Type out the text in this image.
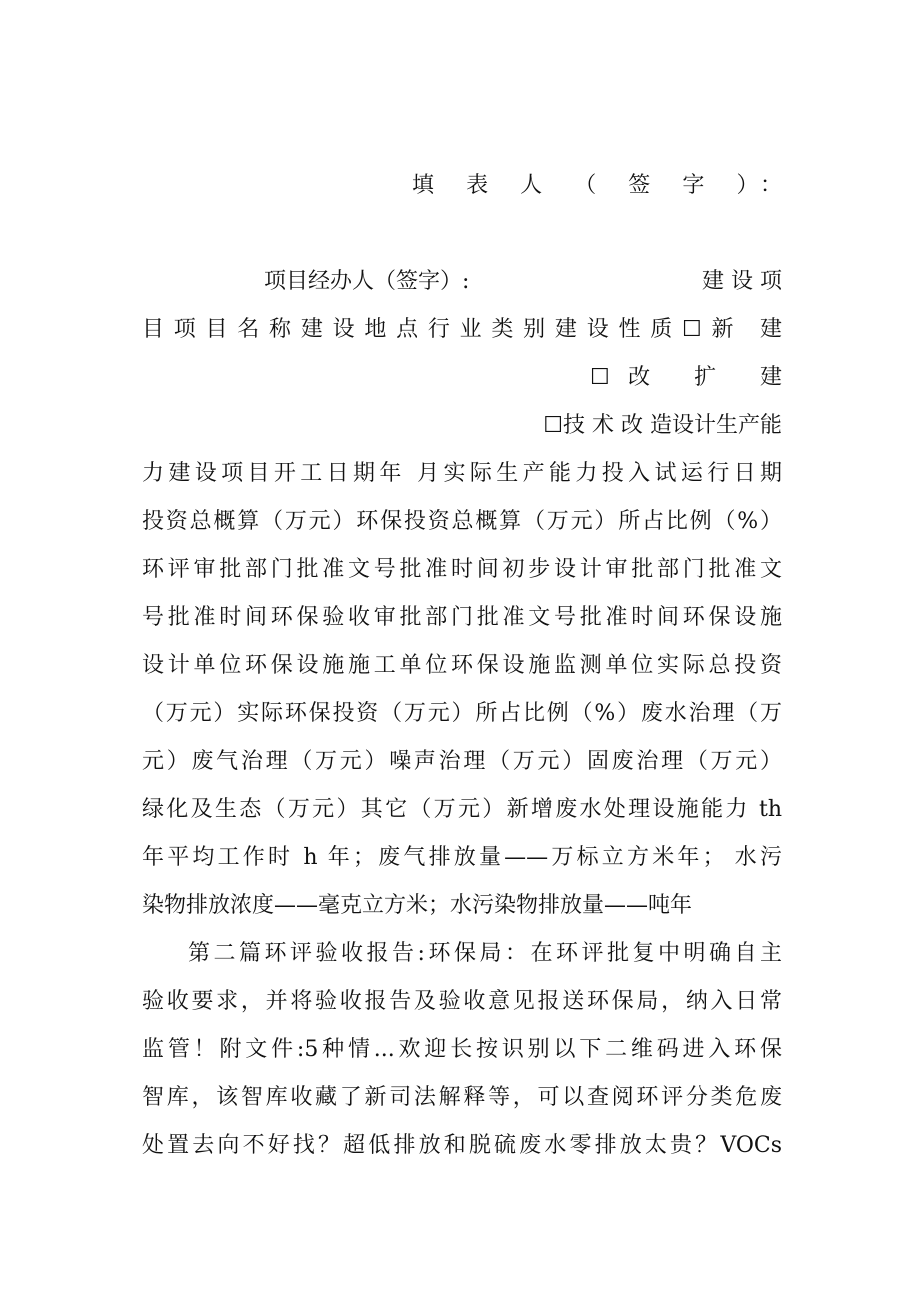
填 表 人 （ 签 字 ）：
项目经办人（签字）:	建 设 项
目项目名称建设地点行业类别建设性质☐新 建
☐改 扩 建
☐技 术 改 造设计生产能
力建设项目开工日期年 月实际生产能力投入试运行日期
投资总概算（万元）环保投资总概算（万元）所占比例（%）
环评审批部门批准文号批准时间初步设计审批部门批准文
号批准时间环保验收审批部门批准文号批准时间环保设施
设计单位环保设施施工单位环保设施监测单位实际总投资
（万元）实际环保投资（万元）所占比例（%）废水治理（万
元）废气治理（万元）噪声治理（万元）固废治理（万元）
绿化及生态（万元）其它（万元）新增废水处理设施能力 th
年平均工作时 h 年；废气排放量——万标立方米年； 水污
染物排放浓度——毫克立方米；水污染物排放量——吨年
第二篇环评验收报告:环保局：在环评批复中明确自主
验收要求，并将验收报告及验收意见报送环保局，纳入日常
监管！附文件:5种情...欢迎长按识别以下二维码进入环保
智库，该智库收藏了新司法解释等，可以查阅环评分类危废
处置去向不好找？超低排放和脱硫废水零排放太贵？VOCs
